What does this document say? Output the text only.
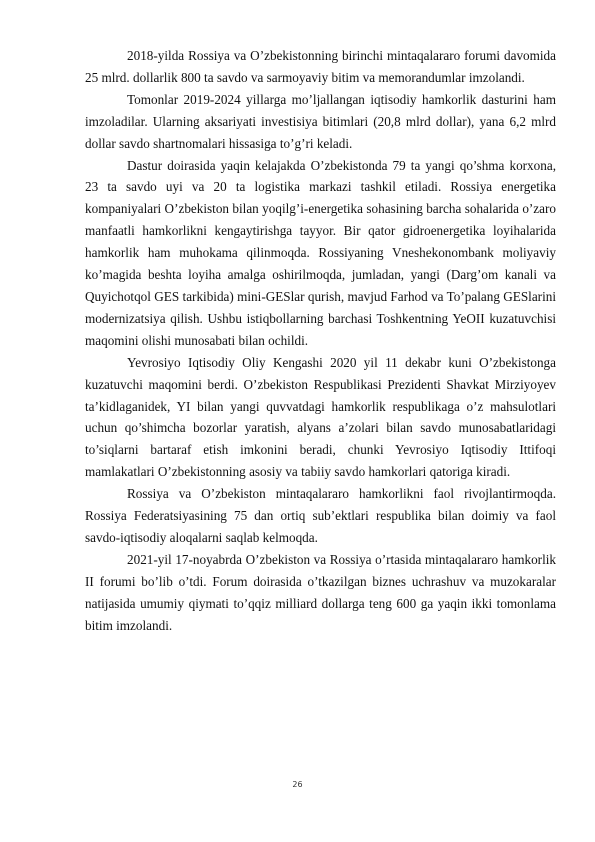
2018-yilda Rossiya va O’zbekistonning birinchi mintaqalararo forumi davomida 25 mlrd. dollarlik 800 ta savdo va sarmoyaviy bitim va memorandumlar imzolandi.

Tomonlar 2019-2024 yillarga mo’ljallangan iqtisodiy hamkorlik dasturini ham imzoladilar. Ularning aksariyati investisiya bitimlari (20,8 mlrd dollar), yana 6,2 mlrd dollar savdo shartnomalari hissasiga to’g’ri keladi.

Dastur doirasida yaqin kelajakda O’zbekistonda 79 ta yangi qo’shma korxona, 23 ta savdo uyi va 20 ta logistika markazi tashkil etiladi. Rossiya energetika kompaniyalari O’zbekiston bilan yoqilg’i-energetika sohasining barcha sohalarida o’zaro manfaatli hamkorlikni kengaytirishga tayyor. Bir qator gidroenergetika loyihalarida hamkorlik ham muhokama qilinmoqda. Rossiyaning Vneshekonombank moliyaviy ko’magida beshta loyiha amalga oshirilmoqda, jumladan, yangi (Darg’om kanali va Quyichotqol GES tarkibida) mini-GESlar qurish, mavjud Farhod va To’palang GESlarini modernizatsiya qilish. Ushbu istiqbollarning barchasi Toshkentning YeOII kuzatuvchisi maqomini olishi munosabati bilan ochildi.

Yevrosiyo Iqtisodiy Oliy Kengashi 2020 yil 11 dekabr kuni O’zbekistonga kuzatuvchi maqomini berdi. O’zbekiston Respublikasi Prezidenti Shavkat Mirziyoyev ta’kidlaganidek, YI bilan yangi quvvatdagi hamkorlik respublikaga o’z mahsulotlari uchun qo’shimcha bozorlar yaratish, alyans a’zolari bilan savdo munosabatlaridagi to’siqlarni bartaraf etish imkonini beradi, chunki Yevrosiyo Iqtisodiy Ittifoqi mamlakatlari O’zbekistonning asosiy va tabiiy savdo hamkorlari qatoriga kiradi.

Rossiya va O’zbekiston mintaqalararo hamkorlikni faol rivojlantirmoqda. Rossiya Federatsiyasining 75 dan ortiq sub’ektlari respublika bilan doimiy va faol savdo-iqtisodiy aloqalarni saqlab kelmoqda.

2021-yil 17-noyabrda O’zbekiston va Rossiya o’rtasida mintaqalararo hamkorlik II forumi bo’lib o’tdi. Forum doirasida o’tkazilgan biznes uchrashuv va muzokaralar natijasida umumiy qiymati to’qqiz milliard dollarga teng 600 ga yaqin ikki tomonlama bitim imzolandi.

26
